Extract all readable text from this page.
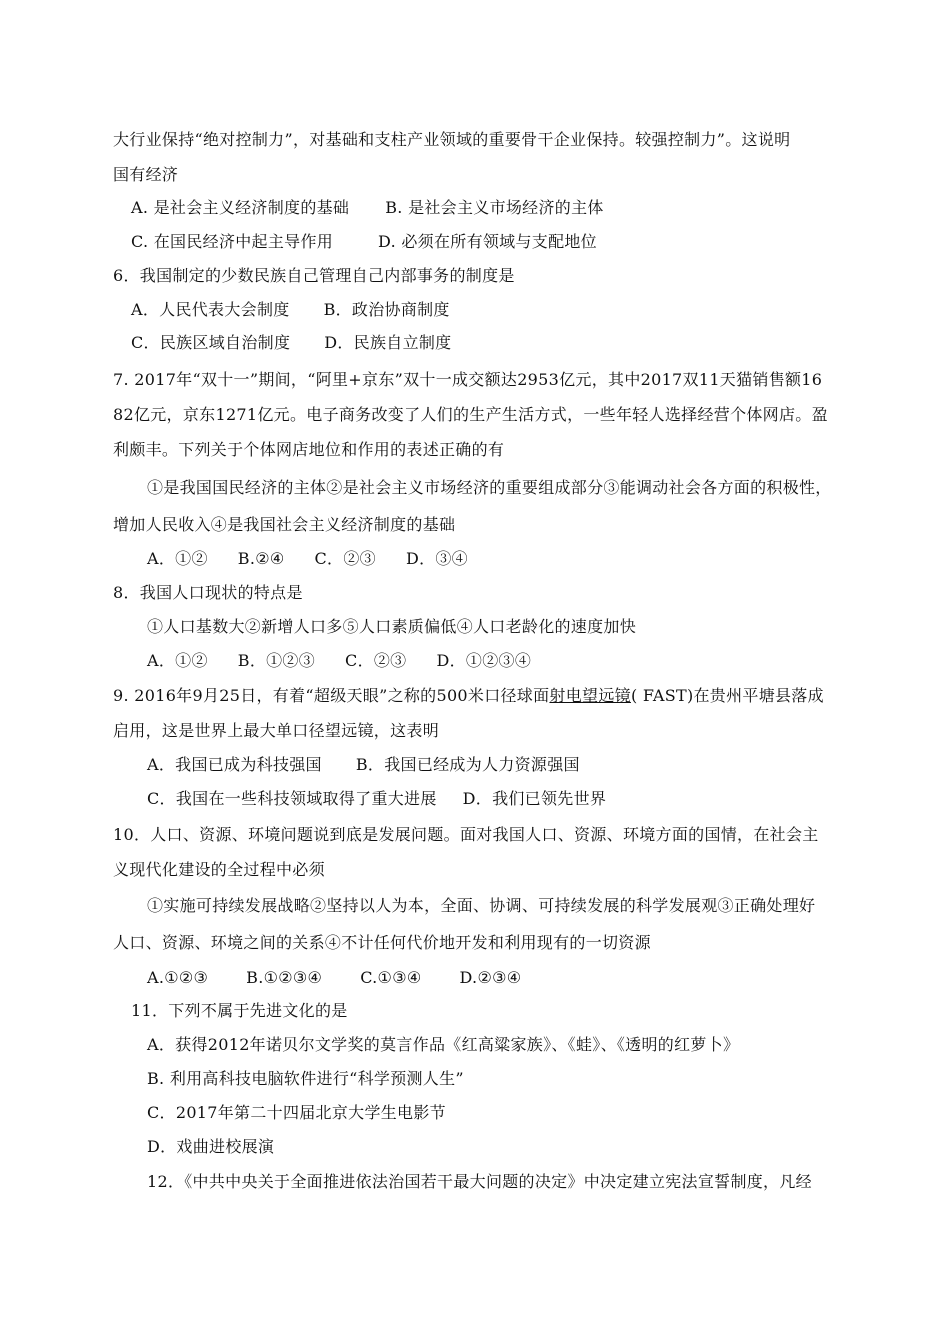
大行业保持“绝对控制力”，对基础和支柱产业领域的重要骨干企业保持。较强控制力”。这说明
国有经济
A. 是社会主义经济制度的基础 B. 是社会主义市场经济的主体
C. 在国民经济中起主导作用	D. 必须在所有领域与支配地位
6．我国制定的少数民族自己管理自己内部事务的制度是
A．人民代表大会制度 B．政治协商制度
C．民族区域自治制度 D．民族自立制度
7. 2017年“双十一”期间，“阿里+京东”双十一成交额达2953亿元，其中2017双11天猫销售额16
82亿元，京东1271亿元。电子商务改变了人们的生产生活方式，一些年轻人选择经营个体网店。盈
利颇丰。下列关于个体网店地位和作用的表述正确的有
①是我国国民经济的主体②是社会主义市场经济的重要组成部分③能调动社会各方面的积极性，
增加人民收入④是我国社会主义经济制度的基础
A．①② B.②④ C．②③ D．③④
8．我国人口现状的特点是
①人口基数大②新增人口多⑤人口素质偏低④人口老龄化的速度加快
A．①② B．①②③ C．②③ D．①②③④
9. 2016年9月25日，有着“超级天眼”之称的500米口径球面射电望远镜( FAST)在贵州平塘县落成
启用，这是世界上最大单口径望远镜，这表明
A．我国已成为科技强国 B．我国已经成为人力资源强国
C．我国在一些科技领域取得了重大进展 D．我们已领先世界
10．人口、资源、环境问题说到底是发展问题。面对我国人口、资源、环境方面的国情，在社会主
义现代化建设的全过程中必须
①实施可持续发展战略②坚持以人为本，全面、协调、可持续发展的科学发展观③正确处理好
人口、资源、环境之间的关系④不计任何代价地开发和利用现有的一切资源
A.①②③ B.①②③④ C.①③④ D.②③④
11．下列不属于先进文化的是
A．获得2012年诺贝尔文学奖的莫言作品《红高粱家族》、《蛙》、《透明的红萝卜》
B. 利用高科技电脑软件进行“科学预测人生”
C．2017年第二十四届北京大学生电影节
D．戏曲进校展演
12．《中共中央关于全面推进依法治国若干最大问题的决定》中决定建立宪法宣誓制度，凡经
